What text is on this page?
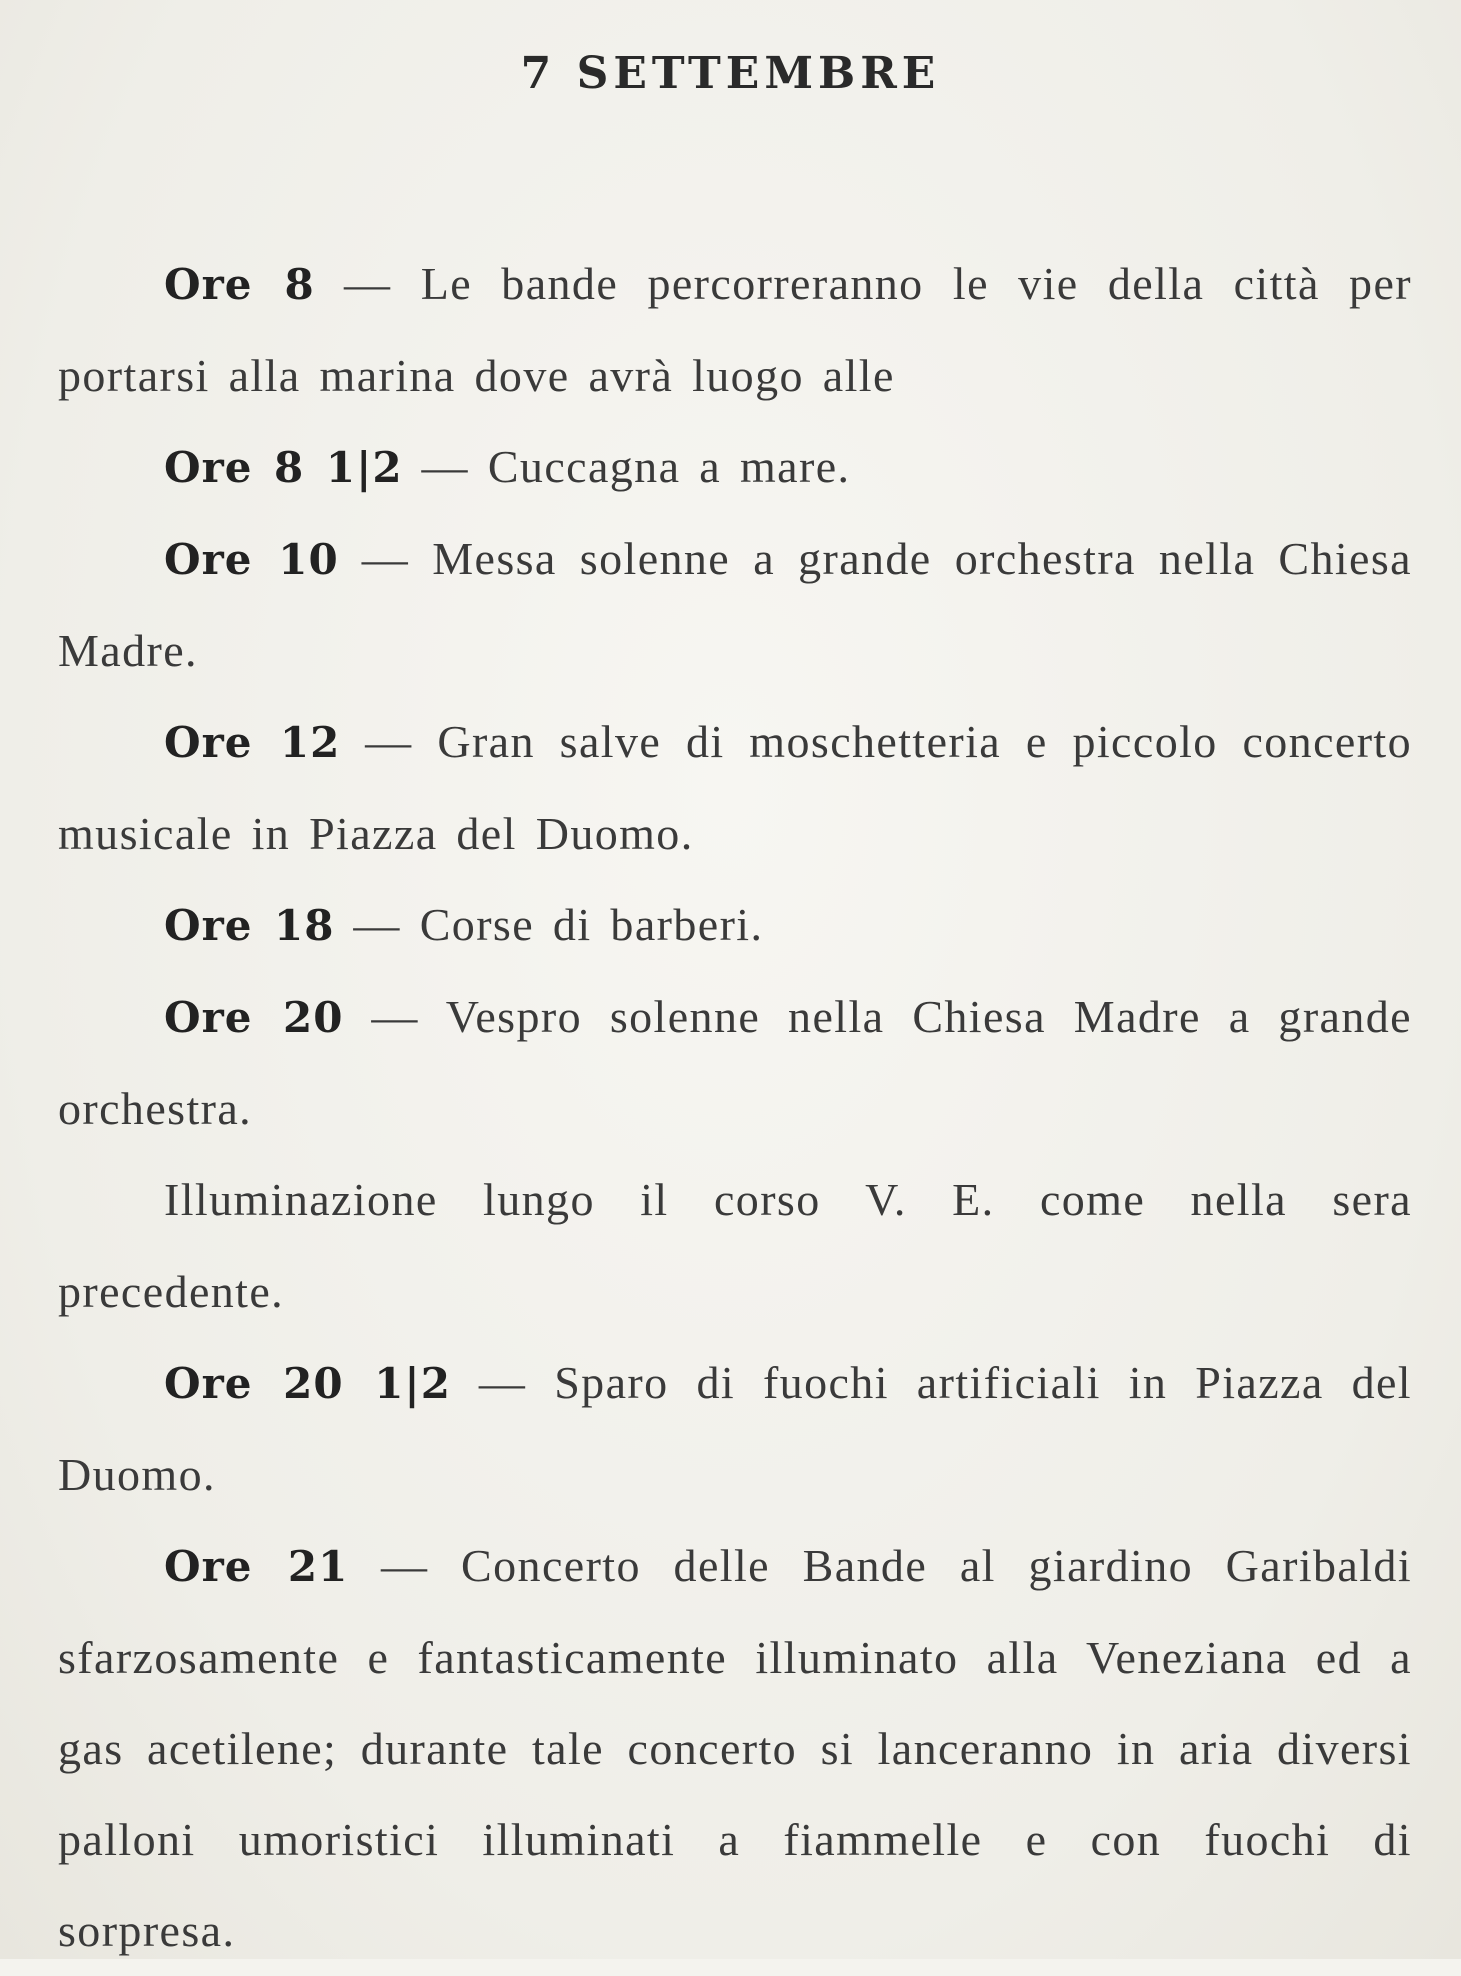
7 SETTEMBRE

Ore 8 — Le bande percorreranno le vie della città per portarsi alla marina dove avrà luogo alle

Ore 8 1|2 — Cuccagna a mare.

Ore 10 — Messa solenne a grande orchestra nella Chiesa Madre.

Ore 12 — Gran salve di moschetteria e piccolo concerto musicale in Piazza del Duomo.

Ore 18 — Corse di barberi.

Ore 20 — Vespro solenne nella Chiesa Madre a grande orchestra.

Illuminazione lungo il corso V. E. come nella sera precedente.

Ore 20 1|2 — Sparo di fuochi artificiali in Piazza del Duomo.

Ore 21 — Concerto delle Bande al giardino Garibaldi sfarzosamente e fantasticamente illuminato alla Veneziana ed a gas acetilene; durante tale concerto si lanceranno in aria diversi palloni umoristici illuminati a fiammelle e con fuochi di sorpresa.
